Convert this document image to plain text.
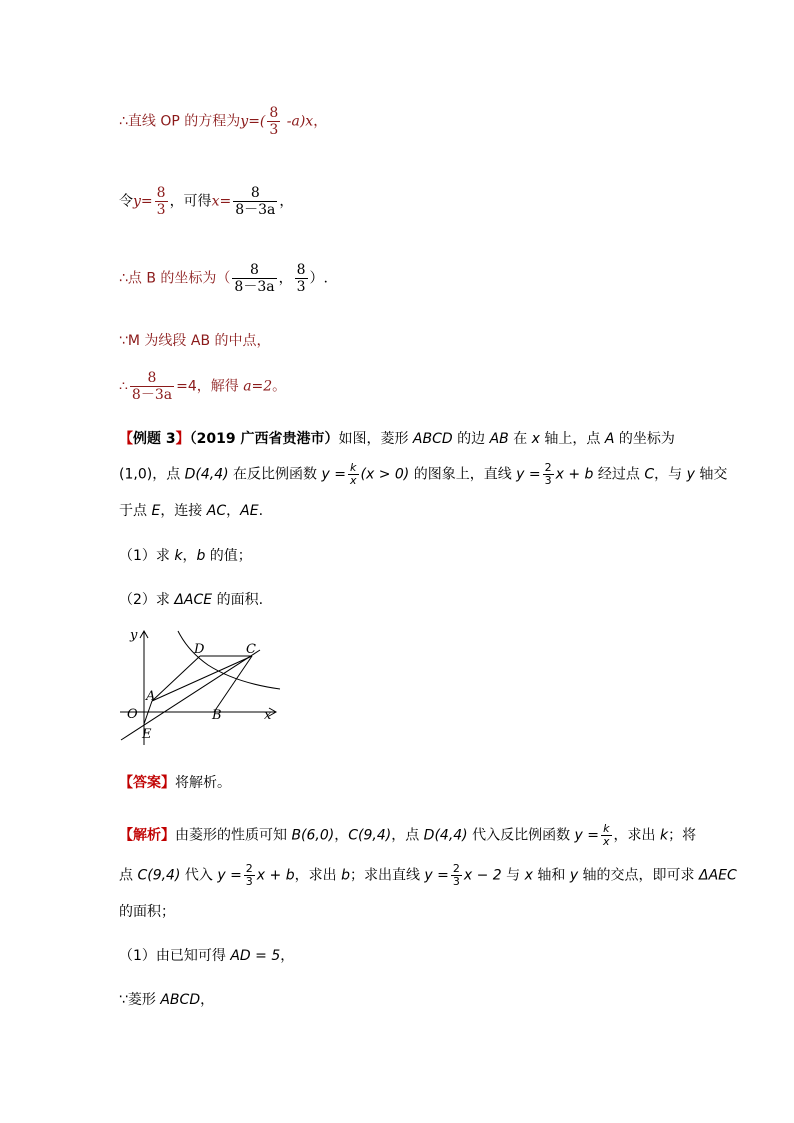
∴直线 OP 的方程为$y=( \frac{8}{3} -a)x$，
令$y= \frac{8}{3}$ ，可得$x= \frac{8}{8-3a}$ ，
∴点 B 的坐标为（ $\frac{8}{8-3a}$ ， $\frac{8}{3}$ ）.
∵M 为线段 AB 的中点，
∴ $\frac{8}{8-3a} =4$，解得 a=2。
【例题 3】（2019 广西省贵港市）如图，菱形 ABCD 的边 AB 在 x 轴上，点 A 的坐标为
(1,0)，点 D(4,4) 在反比例函数 $y = \frac{k}{x} (x > 0)$ 的图象上，直线 $y = \frac{2}{3}$ x + b 经过点 C，与 y 轴交
于点 E，连接 AC，AE.
（1）求 k，b 的值；
（2）求 ΔACE 的面积.
y
x
O
A
B
C
D
E
【答案】将解析。
【解析】由菱形的性质可知 B(6,0)，C(9,4)，点 D(4,4) 代入反比例函数 $y = \frac{k}{x}$ ，求出 k；将
点 C(9,4) 代入 $y = \frac{2}{3}$ x + b，求出 b；求出直线 $y = \frac{2}{3}$ x − 2 与 x 轴和 y 轴的交点，即可求 ΔAEC
的面积；
（1）由已知可得 AD = 5，
∵菱形 ABCD，
